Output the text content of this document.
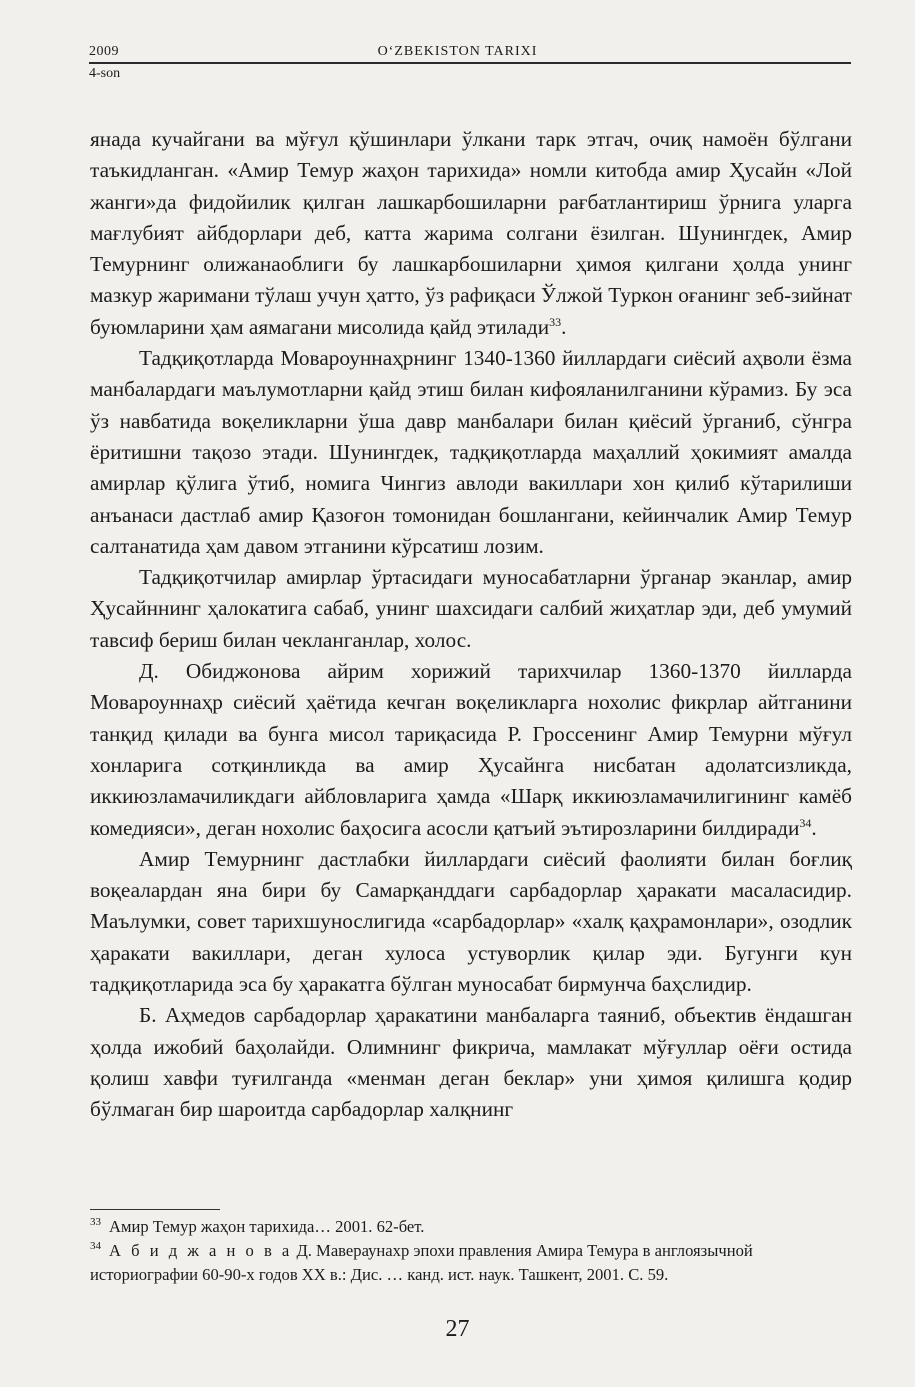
2009	O‘ZBEKISTON TARIXI
4-son

янада кучайгани ва мўғул қўшинлари ўлкани тарк этгач, очиқ намоён бўлгани таъкидланган. «Амир Темур жаҳон тарихида» номли китобда амир Ҳусайн «Лой жанги»да фидойилик қилган лашкарбошиларни рағбатлантириш ўрнига уларга мағлубият айбдорлари деб, катта жарима солгани ёзилган. Шунингдек, Амир Темурнинг олижанаоблиги бу лашкарбошиларни ҳимоя қилгани ҳолда унинг мазкур жаримани тўлаш учун ҳатто, ўз рафиқаси Ўлжой Туркон оғанинг зеб-зийнат буюмларини ҳам аямагани мисолида қайд этилади$^{33}$.

Тадқиқотларда Мовароуннаҳрнинг 1340-1360 йиллардаги сиёсий аҳволи ёзма манбалардаги маълумотларни қайд этиш билан кифояланилганини кўрамиз. Бу эса ўз навбатида воқеликларни ўша давр манбалари билан қиёсий ўрганиб, сўнгра ёритишни тақозо этади. Шунингдек, тадқиқотларда маҳаллий ҳокимият амалда амирлар қўлига ўтиб, номига Чингиз авлоди вакиллари хон қилиб кўтарилиши анъанаси дастлаб амир Қазоғон томонидан бошлангани, кейинчалик Амир Темур салтанатида ҳам давом этганини кўрсатиш лозим.

Тадқиқотчилар амирлар ўртасидаги муносабатларни ўрганар эканлар, амир Ҳусайннинг ҳалокатига сабаб, унинг шахсидаги салбий жиҳатлар эди, деб умумий тавсиф бериш билан чекланганлар, холос.

Д. Обиджонова айрим хорижий тарихчилар 1360-1370 йилларда Мовароуннаҳр сиёсий ҳаётида кечган воқеликларга нохолис фикрлар айтганини танқид қилади ва бунга мисол тариқасида Р. Гроссенинг Амир Темурни мўғул хонларига сотқинликда ва амир Ҳусайнга нисбатан адолатсизликда, иккиюзламачиликдаги айбловларига ҳамда «Шарқ иккиюзламачилигининг камёб комедияси», деган нохолис баҳосига асосли қатъий эътирозларини билдиради$^{34}$.

Амир Темурнинг дастлабки йиллардаги сиёсий фаолияти билан боғлиқ воқеалардан яна бири бу Самарқанддаги сарбадорлар ҳаракати масаласидир. Маълумки, совет тарихшунослигида «сарбадорлар» «халқ қаҳрамонлари», озодлик ҳаракати вакиллари, деган хулоса устуворлик қилар эди. Бугунги кун тадқиқотларида эса бу ҳаракатга бўлган муносабат бирмунча баҳслидир.

Б. Аҳмедов сарбадорлар ҳаракатини манбаларга таяниб, объектив ёндашган ҳолда ижобий баҳолайди. Олимнинг фикрича, мамлакат мўғуллар оёғи остида қолиш хавфи туғилганда «менман деган беклар» уни ҳимоя қилишга қодир бўлмаган бир шароитда сарбадорлар халқнинг

$^{33}$ Амир Темур жаҳон тарихида… 2001. 62-бет.

$^{34}$ А б и д ж а н о в а Д. Мавераунахр эпохи правления Амира Темура в англоязычной историографии 60-90-х годов XX в.: Дис. … канд. ист. наук. Ташкент, 2001. С. 59.

27
